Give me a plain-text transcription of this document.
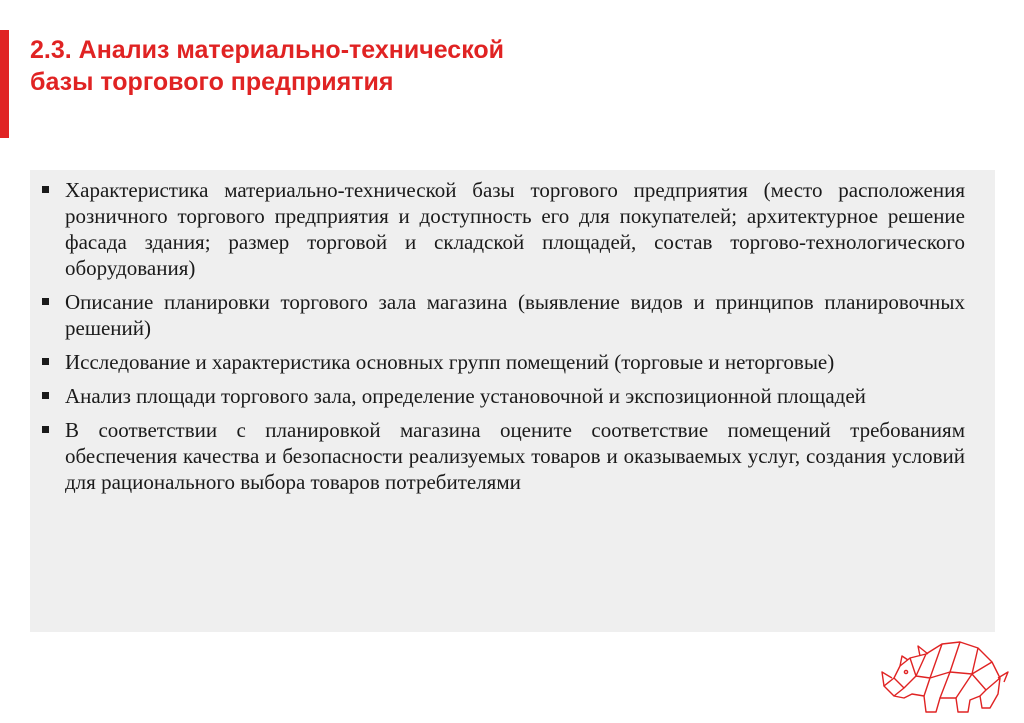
2.3. Анализ материально-технической
базы торгового предприятия
Характеристика материально-технической базы торгового предприятия (место расположения розничного торгового предприятия и доступность его для покупателей; архитектурное решение фасада здания; размер торговой и складской площадей, состав торгово-технологического оборудования)
Описание планировки торгового зала магазина (выявление видов и принципов планировочных решений)
Исследование и характеристика основных групп помещений (торговые и неторговые)
Анализ площади торгового зала, определение установочной и экспозиционной площадей
В соответствии с планировкой магазина оцените соответствие помещений требованиям обеспечения качества и безопасности реализуемых товаров и оказываемых услуг, создания условий для рационального выбора товаров потребителями
